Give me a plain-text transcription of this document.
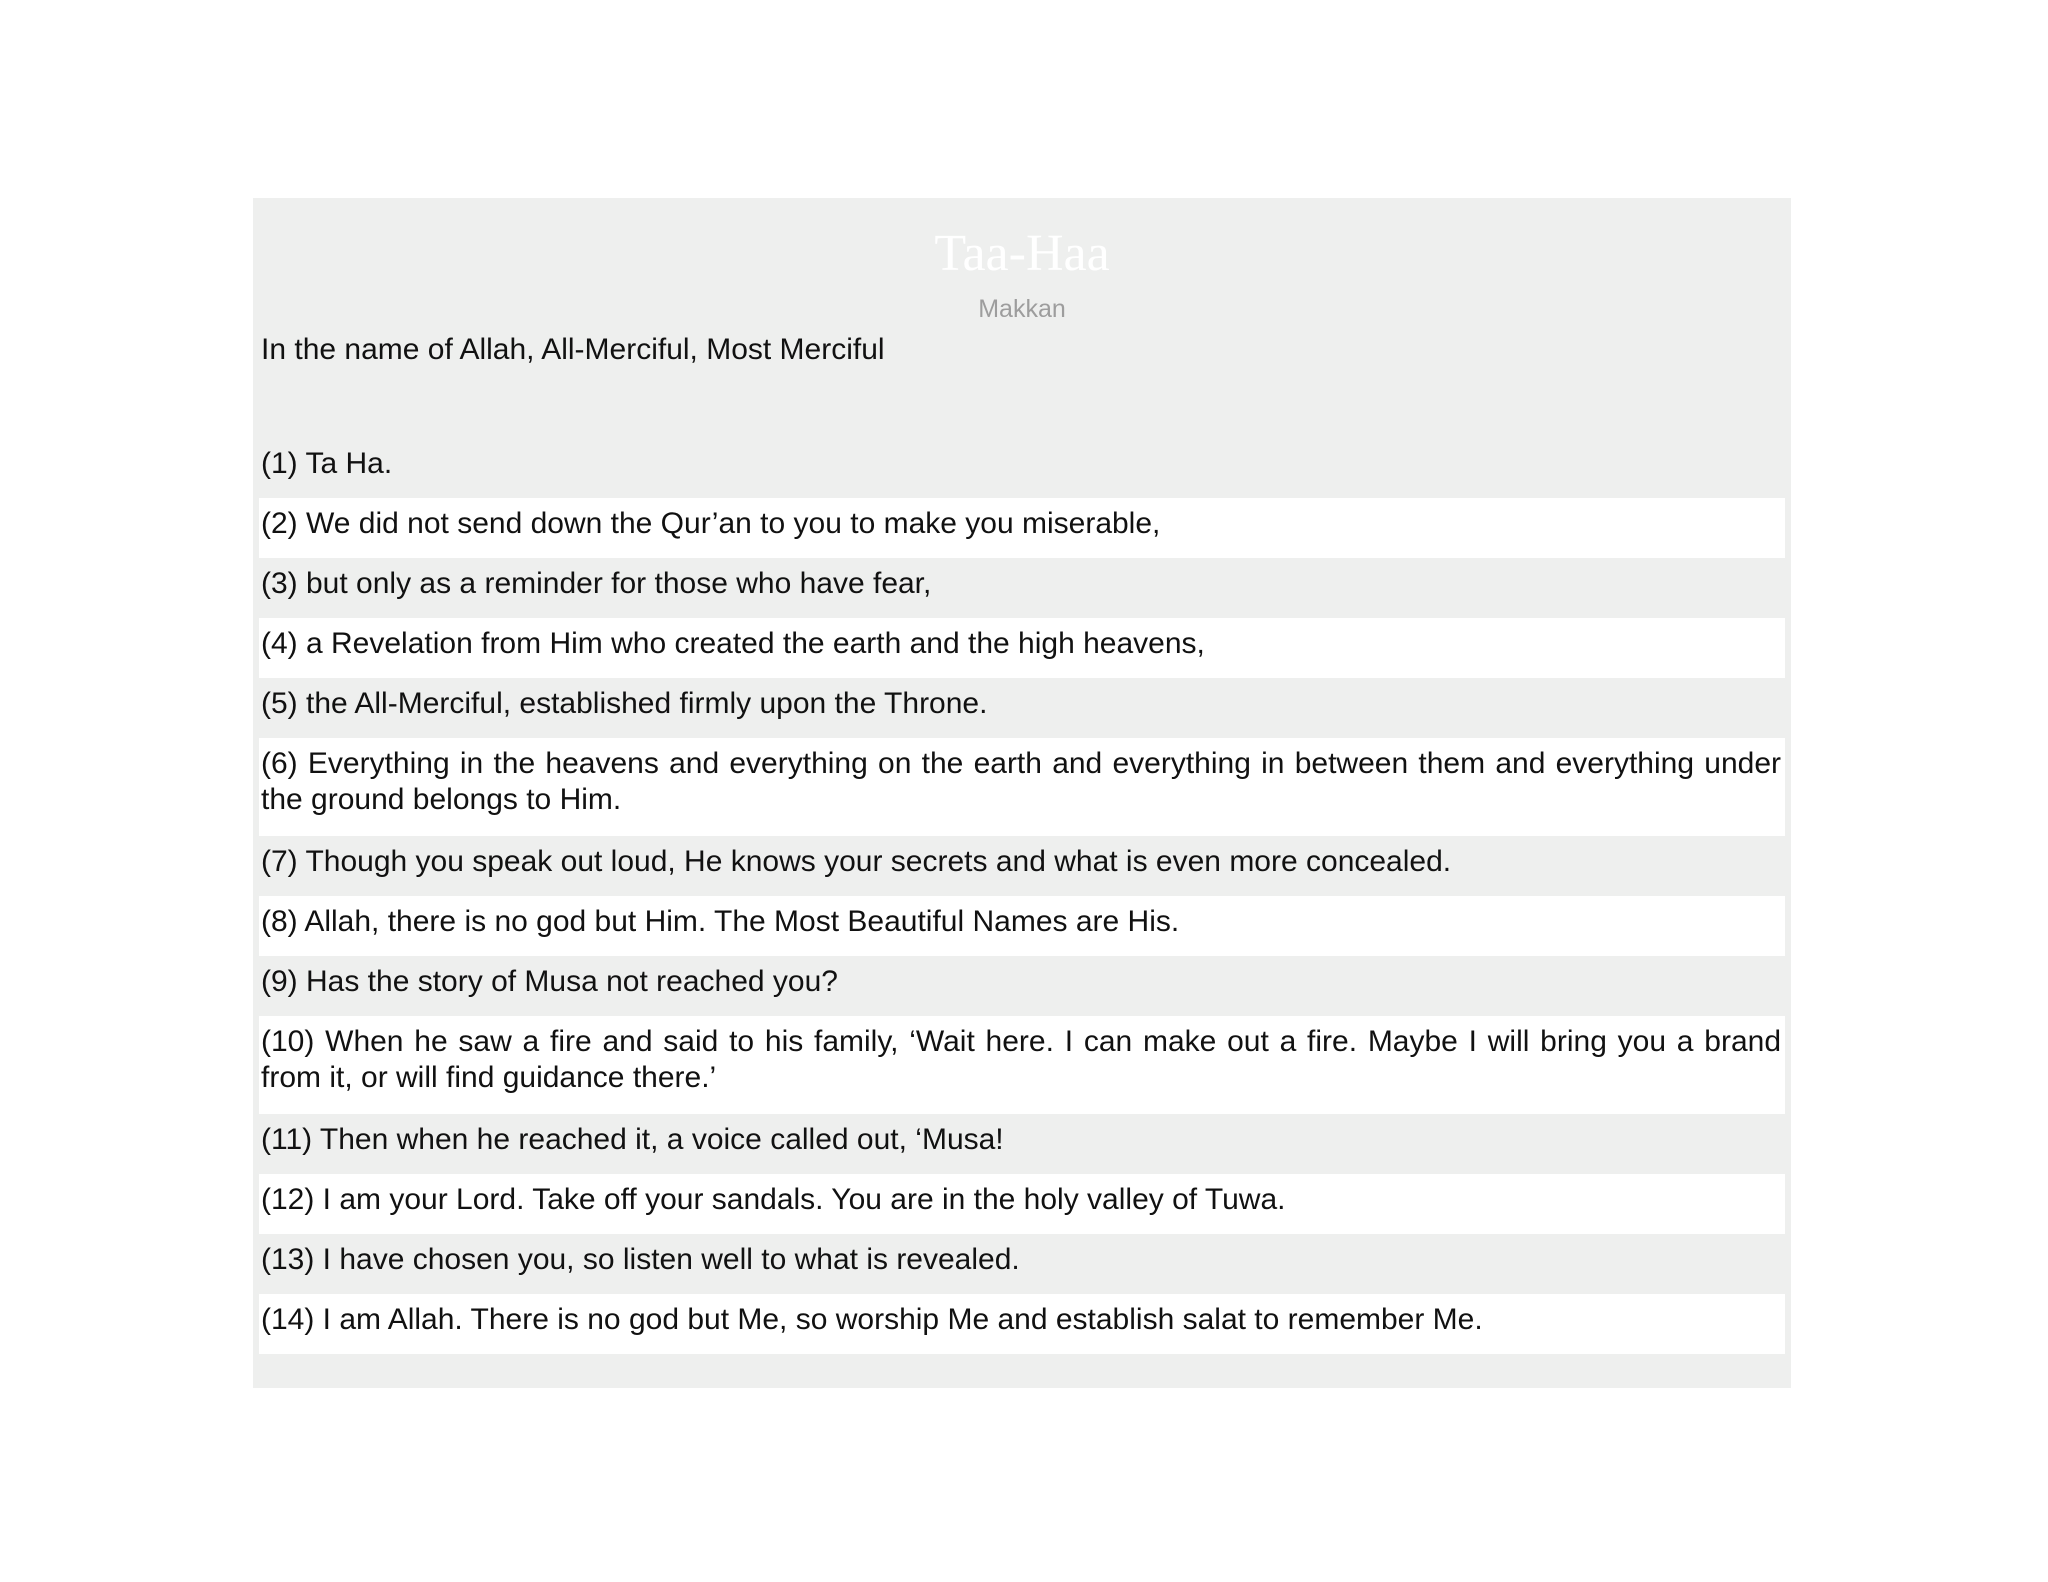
Taa-Haa
Makkan
In the name of Allah, All-Merciful, Most Merciful
(1) Ta Ha.
(2) We did not send down the Qur’an to you to make you miserable,
(3) but only as a reminder for those who have fear,
(4) a Revelation from Him who created the earth and the high heavens,
(5) the All-Merciful, established firmly upon the Throne.
(6) Everything in the heavens and everything on the earth and everything in between them and everything under the ground belongs to Him.
(7) Though you speak out loud, He knows your secrets and what is even more concealed.
(8) Allah, there is no god but Him. The Most Beautiful Names are His.
(9) Has the story of Musa not reached you?
(10) When he saw a fire and said to his family, ‘Wait here. I can make out a fire. Maybe I will bring you a brand from it, or will find guidance there.’
(11) Then when he reached it, a voice called out, ‘Musa!
(12) I am your Lord. Take off your sandals. You are in the holy valley of Tuwa.
(13) I have chosen you, so listen well to what is revealed.
(14) I am Allah. There is no god but Me, so worship Me and establish salat to remember Me.
